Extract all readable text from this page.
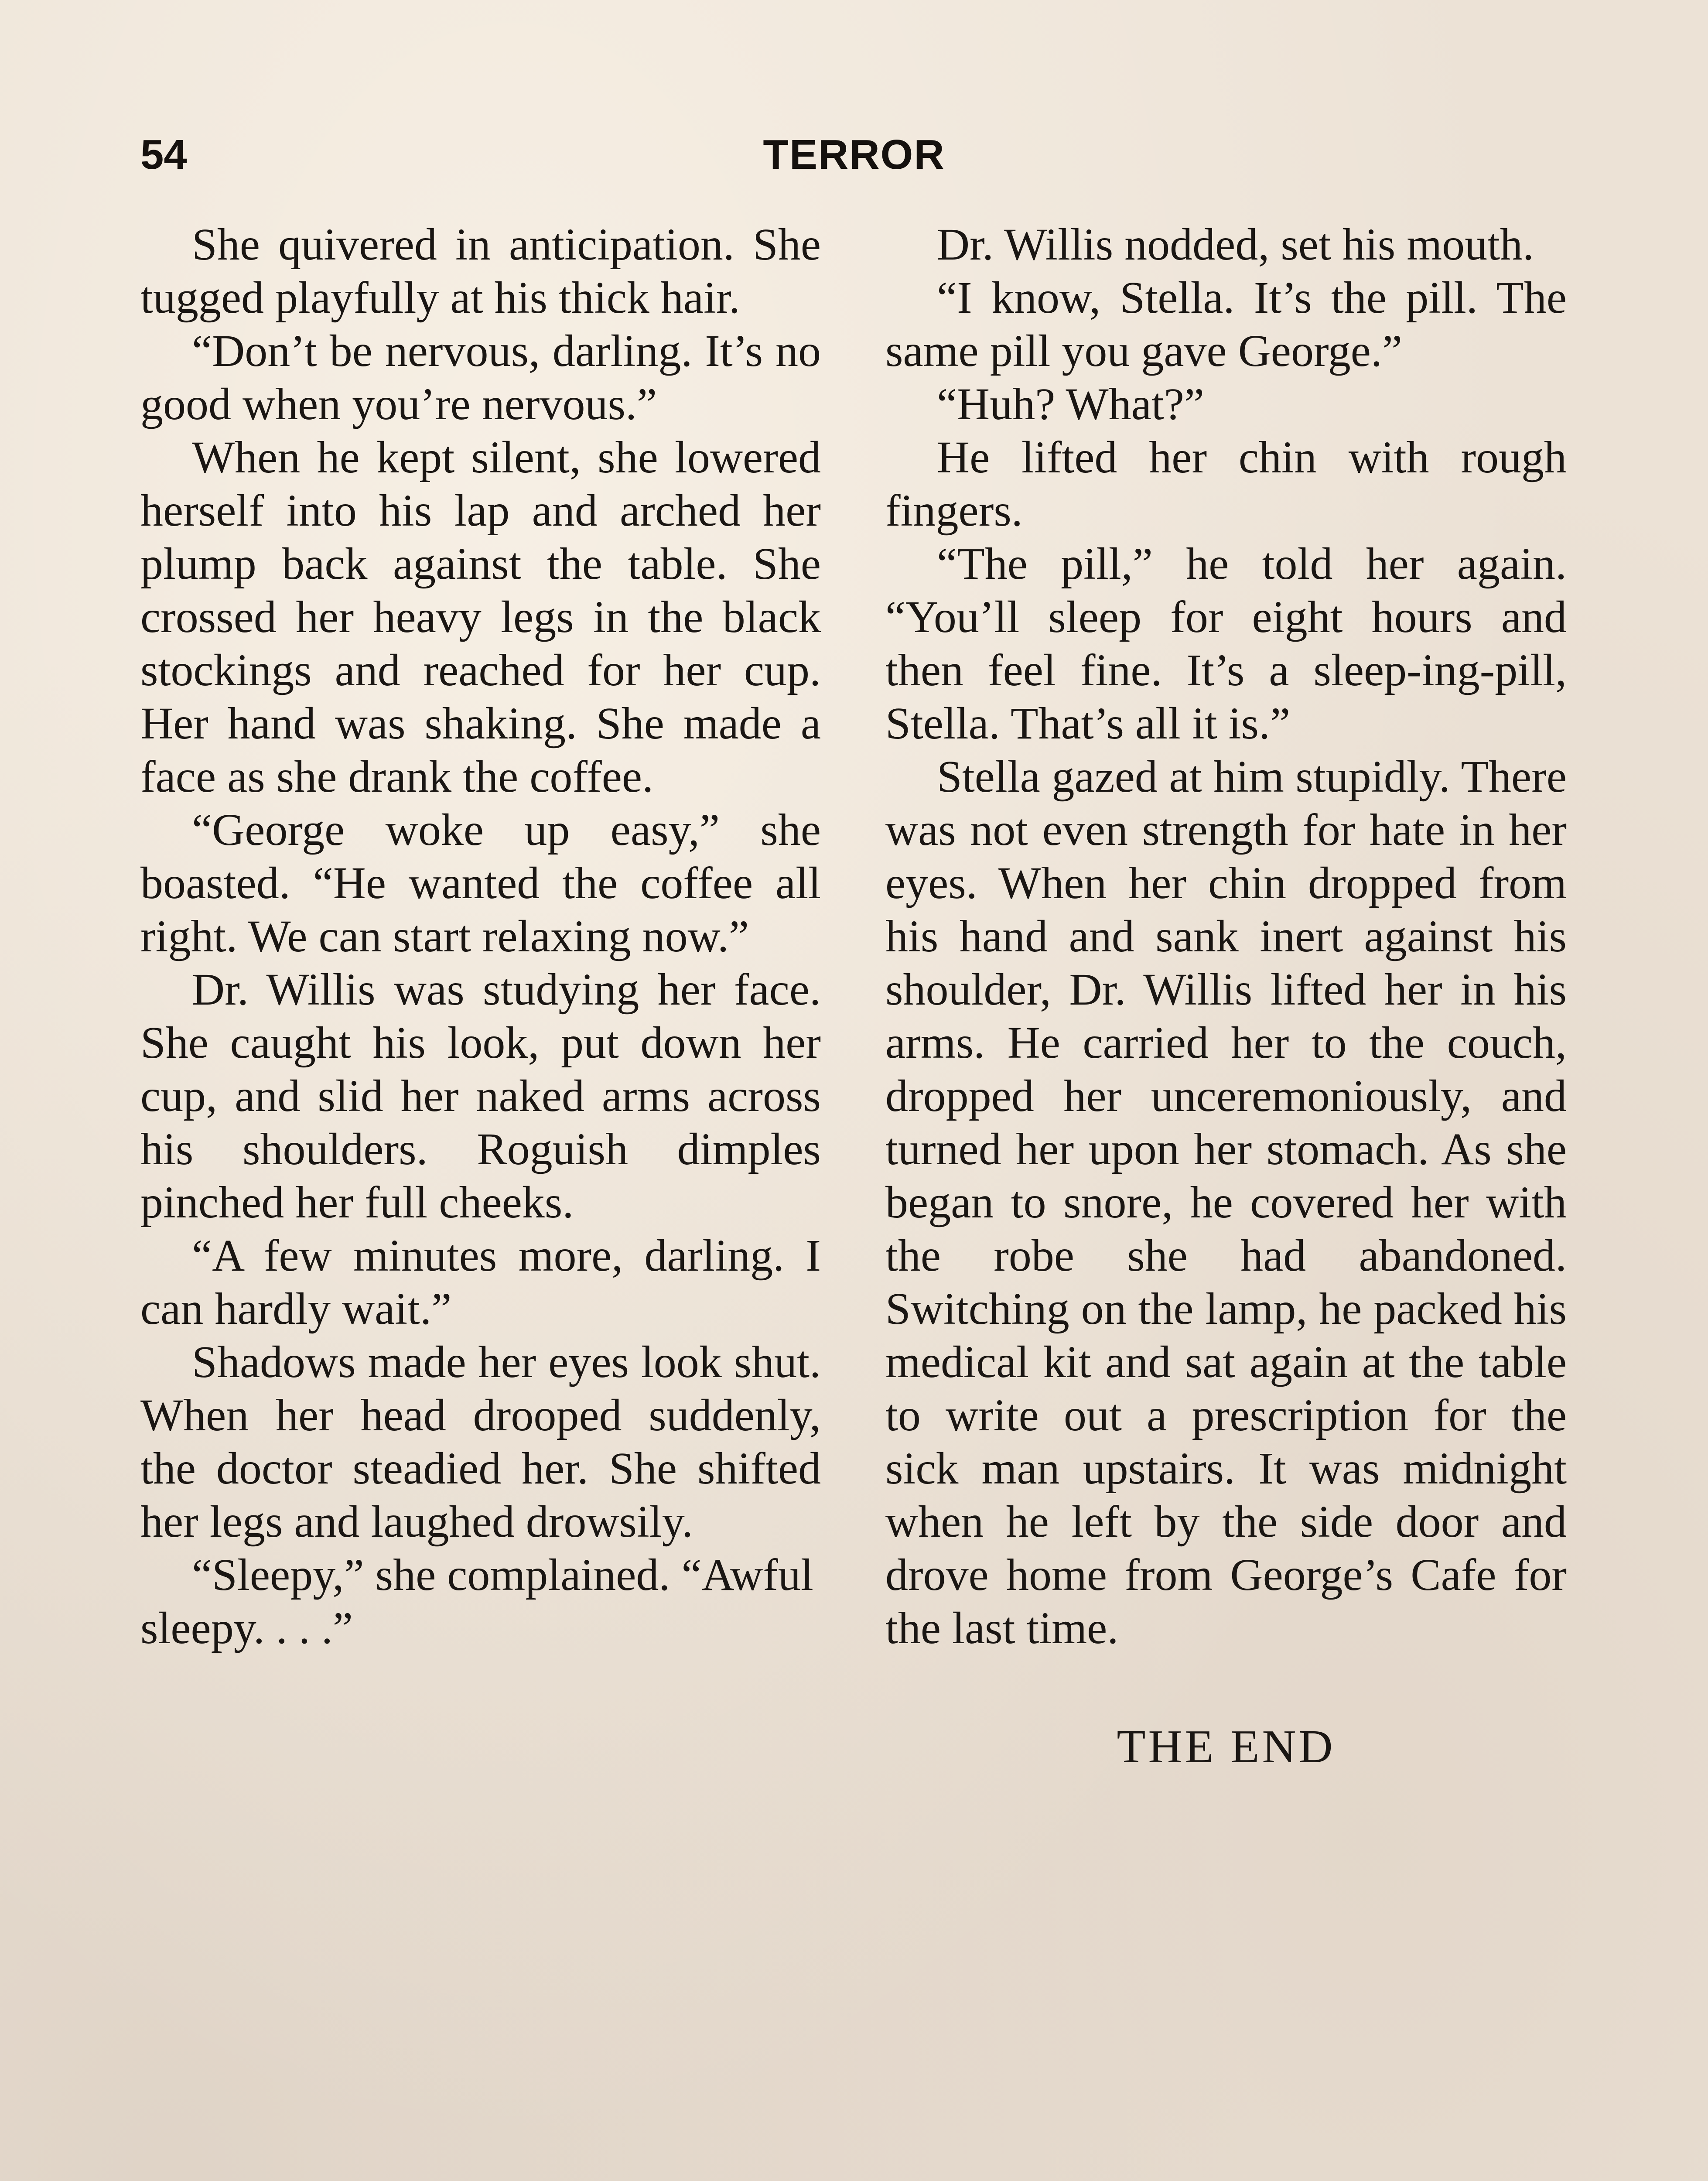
54	TERROR

She quivered in anticipation. She tugged playfully at his thick hair.

“Don’t be nervous, darling. It’s no good when you’re nervous.”

When he kept silent, she lowered herself into his lap and arched her plump back against the table. She crossed her heavy legs in the black stockings and reached for her cup. Her hand was shaking. She made a face as she drank the coffee.

“George woke up easy,” she boasted. “He wanted the coffee all right. We can start relaxing now.”

Dr. Willis was studying her face. She caught his look, put down her cup, and slid her naked arms across his shoulders. Roguish dimples pinched her full cheeks.

“A few minutes more, darling. I can hardly wait.”

Shadows made her eyes look shut. When her head drooped suddenly, the doctor steadied her. She shifted her legs and laughed drowsily.

“Sleepy,” she complained. “Awful sleepy. . . .”

Dr. Willis nodded, set his mouth.

“I know, Stella. It’s the pill. The same pill you gave George.”

“Huh? What?”

He lifted her chin with rough fingers.

“The pill,” he told her again. “You’ll sleep for eight hours and then feel fine. It’s a sleep-ing-pill, Stella. That’s all it is.”

Stella gazed at him stupidly. There was not even strength for hate in her eyes. When her chin dropped from his hand and sank inert against his shoulder, Dr. Willis lifted her in his arms. He carried her to the couch, dropped her unceremoniously, and turned her upon her stomach. As she began to snore, he covered her with the robe she had abandoned. Switching on the lamp, he packed his medical kit and sat again at the table to write out a prescription for the sick man upstairs. It was midnight when he left by the side door and drove home from George’s Cafe for the last time.

THE END
